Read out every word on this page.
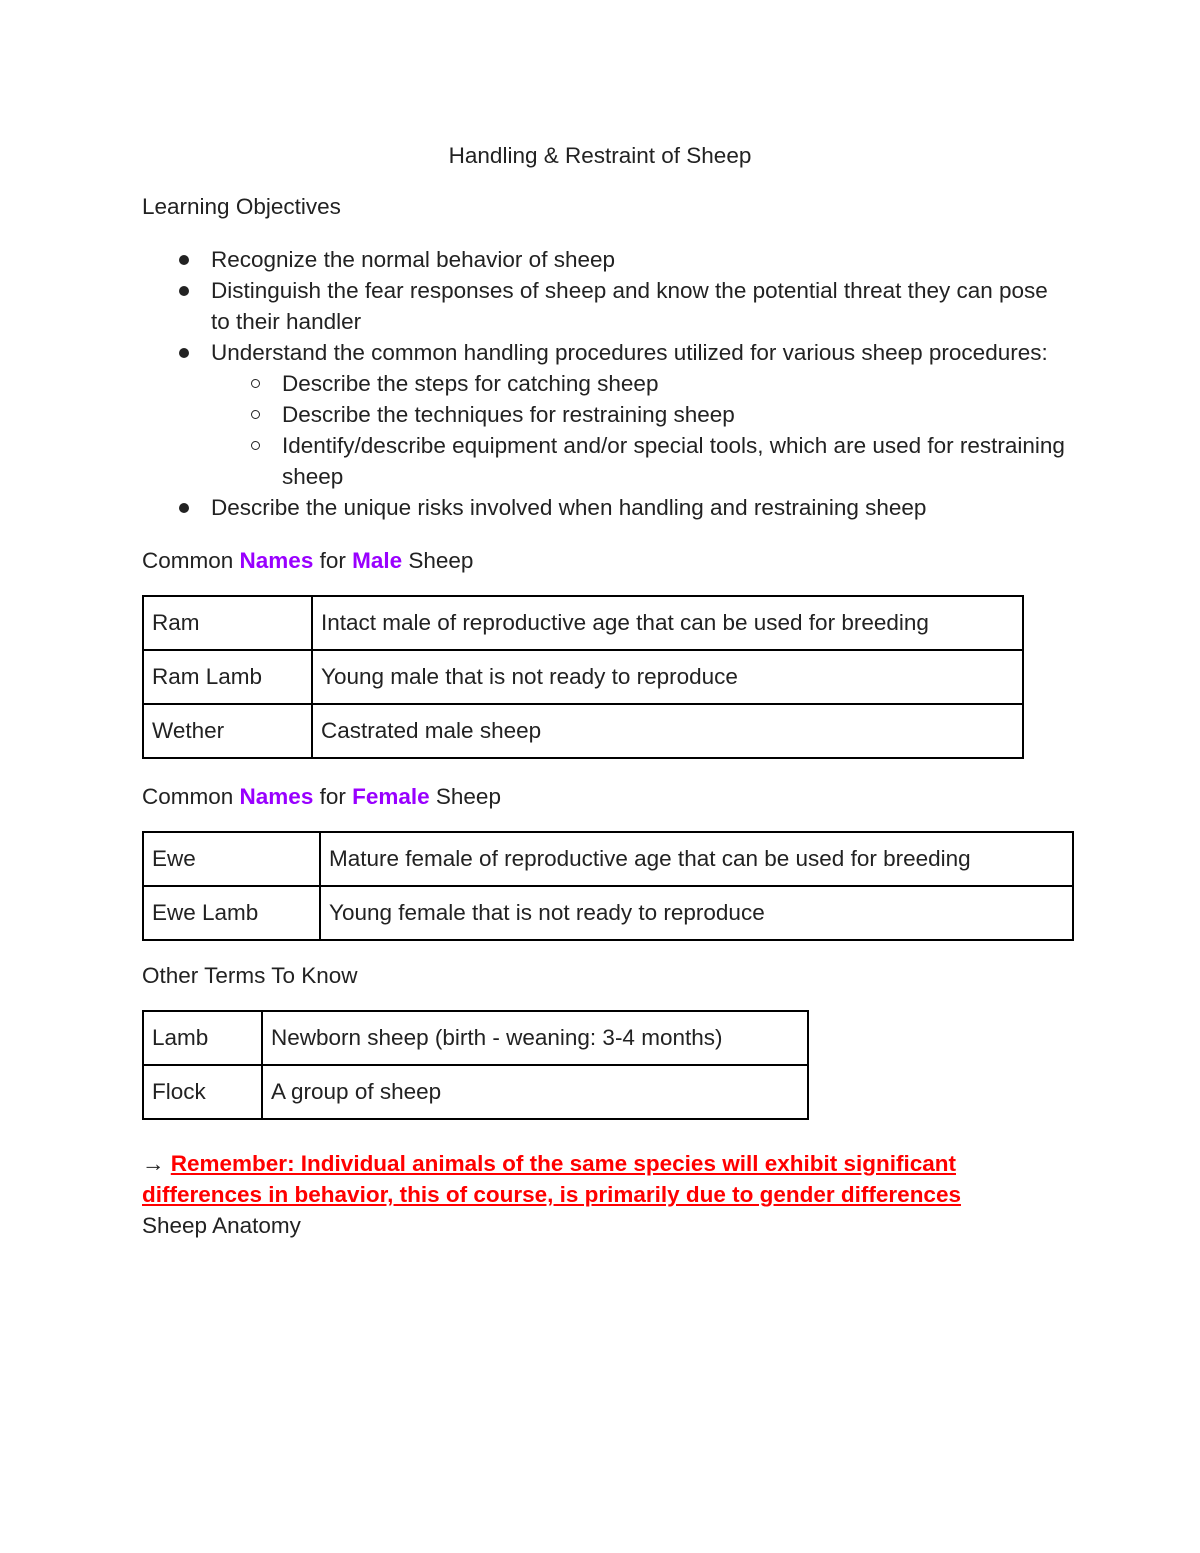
Handling & Restraint of Sheep

Learning Objectives

Recognize the normal behavior of sheep
Distinguish the fear responses of sheep and know the potential threat they can pose to their handler
Understand the common handling procedures utilized for various sheep procedures:
Describe the steps for catching sheep
Describe the techniques for restraining sheep
Identify/describe equipment and/or special tools, which are used for restraining sheep
Describe the unique risks involved when handling and restraining sheep

Common Names for Male Sheep

Ram	Intact male of reproductive age that can be used for breeding
Ram Lamb	Young male that is not ready to reproduce
Wether	Castrated male sheep

Common Names for Female Sheep

Ewe	Mature female of reproductive age that can be used for breeding
Ewe Lamb	Young female that is not ready to reproduce

Other Terms To Know

Lamb	Newborn sheep (birth - weaning: 3-4 months)
Flock	A group of sheep

→ Remember: Individual animals of the same species will exhibit significant differences in behavior, this of course, is primarily due to gender differences

Sheep Anatomy
